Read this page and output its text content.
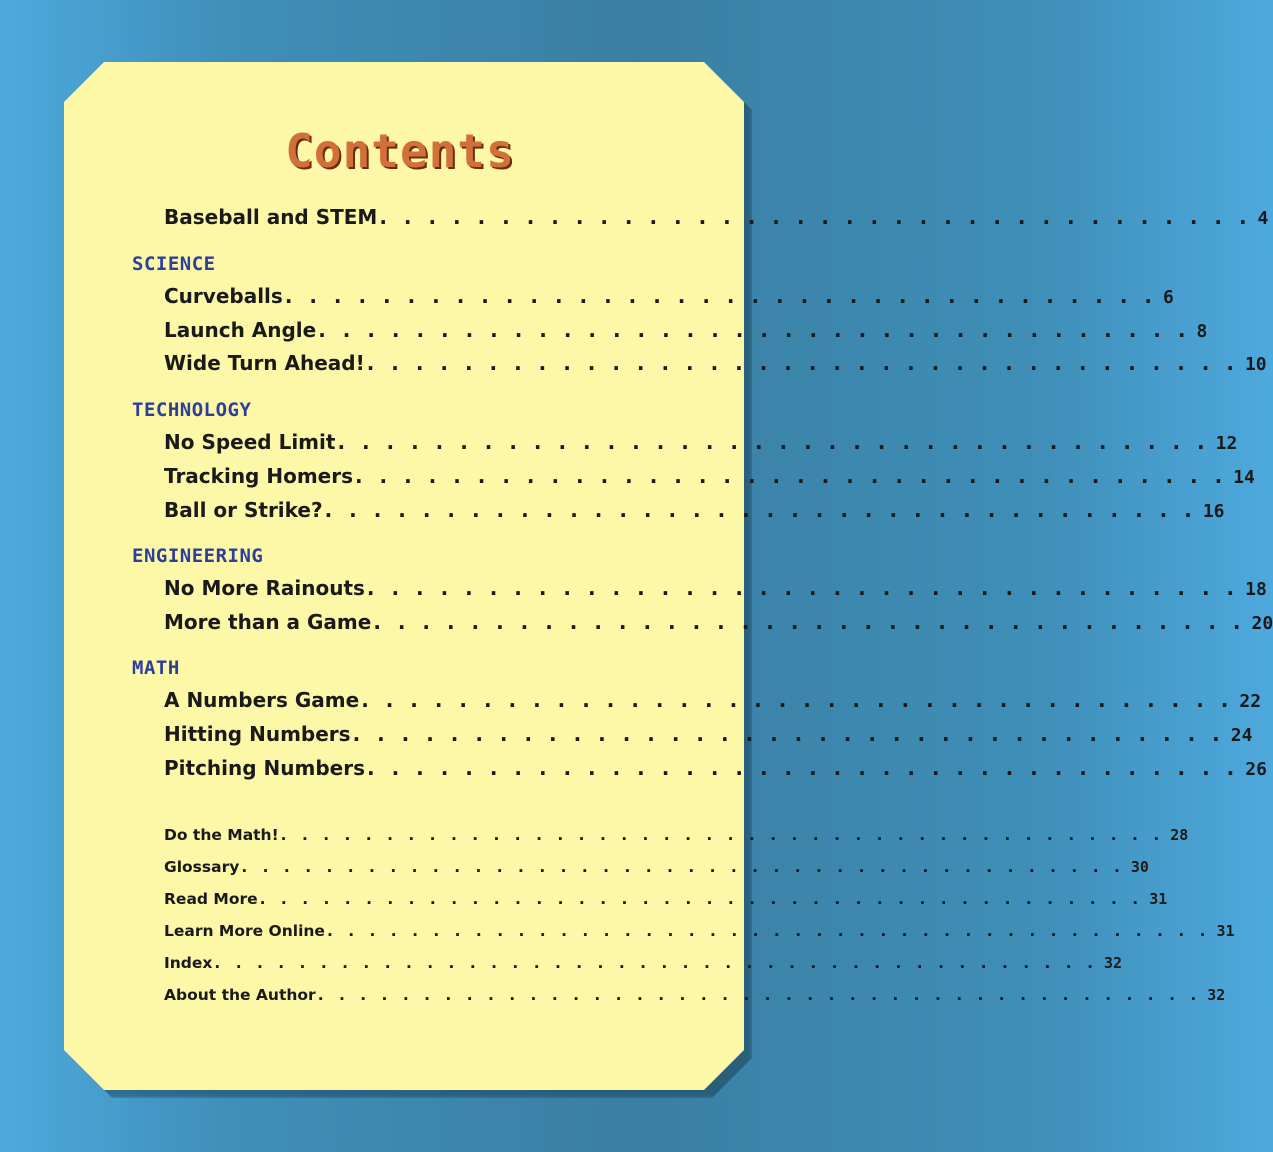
Contents
Baseball and STEM . . . . . . . . . . . . . . . . . . . . . . . . . . . . . . . . . . . . 4
SCIENCE
Curveballs . . . . . . . . . . . . . . . . . . . . . . . . . . . . . . . . . . . . 6
Launch Angle . . . . . . . . . . . . . . . . . . . . . . . . . . . . . . . . . . . . 8
Wide Turn Ahead! . . . . . . . . . . . . . . . . . . . . . . . . . . . . . . . . . . . . 10
TECHNOLOGY
No Speed Limit . . . . . . . . . . . . . . . . . . . . . . . . . . . . . . . . . . . . 12
Tracking Homers . . . . . . . . . . . . . . . . . . . . . . . . . . . . . . . . . . . . 14
Ball or Strike? . . . . . . . . . . . . . . . . . . . . . . . . . . . . . . . . . . . . 16
ENGINEERING
No More Rainouts . . . . . . . . . . . . . . . . . . . . . . . . . . . . . . . . . . . . 18
More than a Game . . . . . . . . . . . . . . . . . . . . . . . . . . . . . . . . . . . . 20
MATH
A Numbers Game . . . . . . . . . . . . . . . . . . . . . . . . . . . . . . . . . . . . 22
Hitting Numbers . . . . . . . . . . . . . . . . . . . . . . . . . . . . . . . . . . . . 24
Pitching Numbers . . . . . . . . . . . . . . . . . . . . . . . . . . . . . . . . . . . . 26
Do the Math! . . . . . . . . . . . . . . . . . . . . . . . . . . . . . . . . . . . . . . . . . . 28
Glossary . . . . . . . . . . . . . . . . . . . . . . . . . . . . . . . . . . . . . . . . . . 30
Read More . . . . . . . . . . . . . . . . . . . . . . . . . . . . . . . . . . . . . . . . . . 31
Learn More Online . . . . . . . . . . . . . . . . . . . . . . . . . . . . . . . . . . . . . . . . . . 31
Index . . . . . . . . . . . . . . . . . . . . . . . . . . . . . . . . . . . . . . . . . . 32
About the Author . . . . . . . . . . . . . . . . . . . . . . . . . . . . . . . . . . . . . . . . . . 32
